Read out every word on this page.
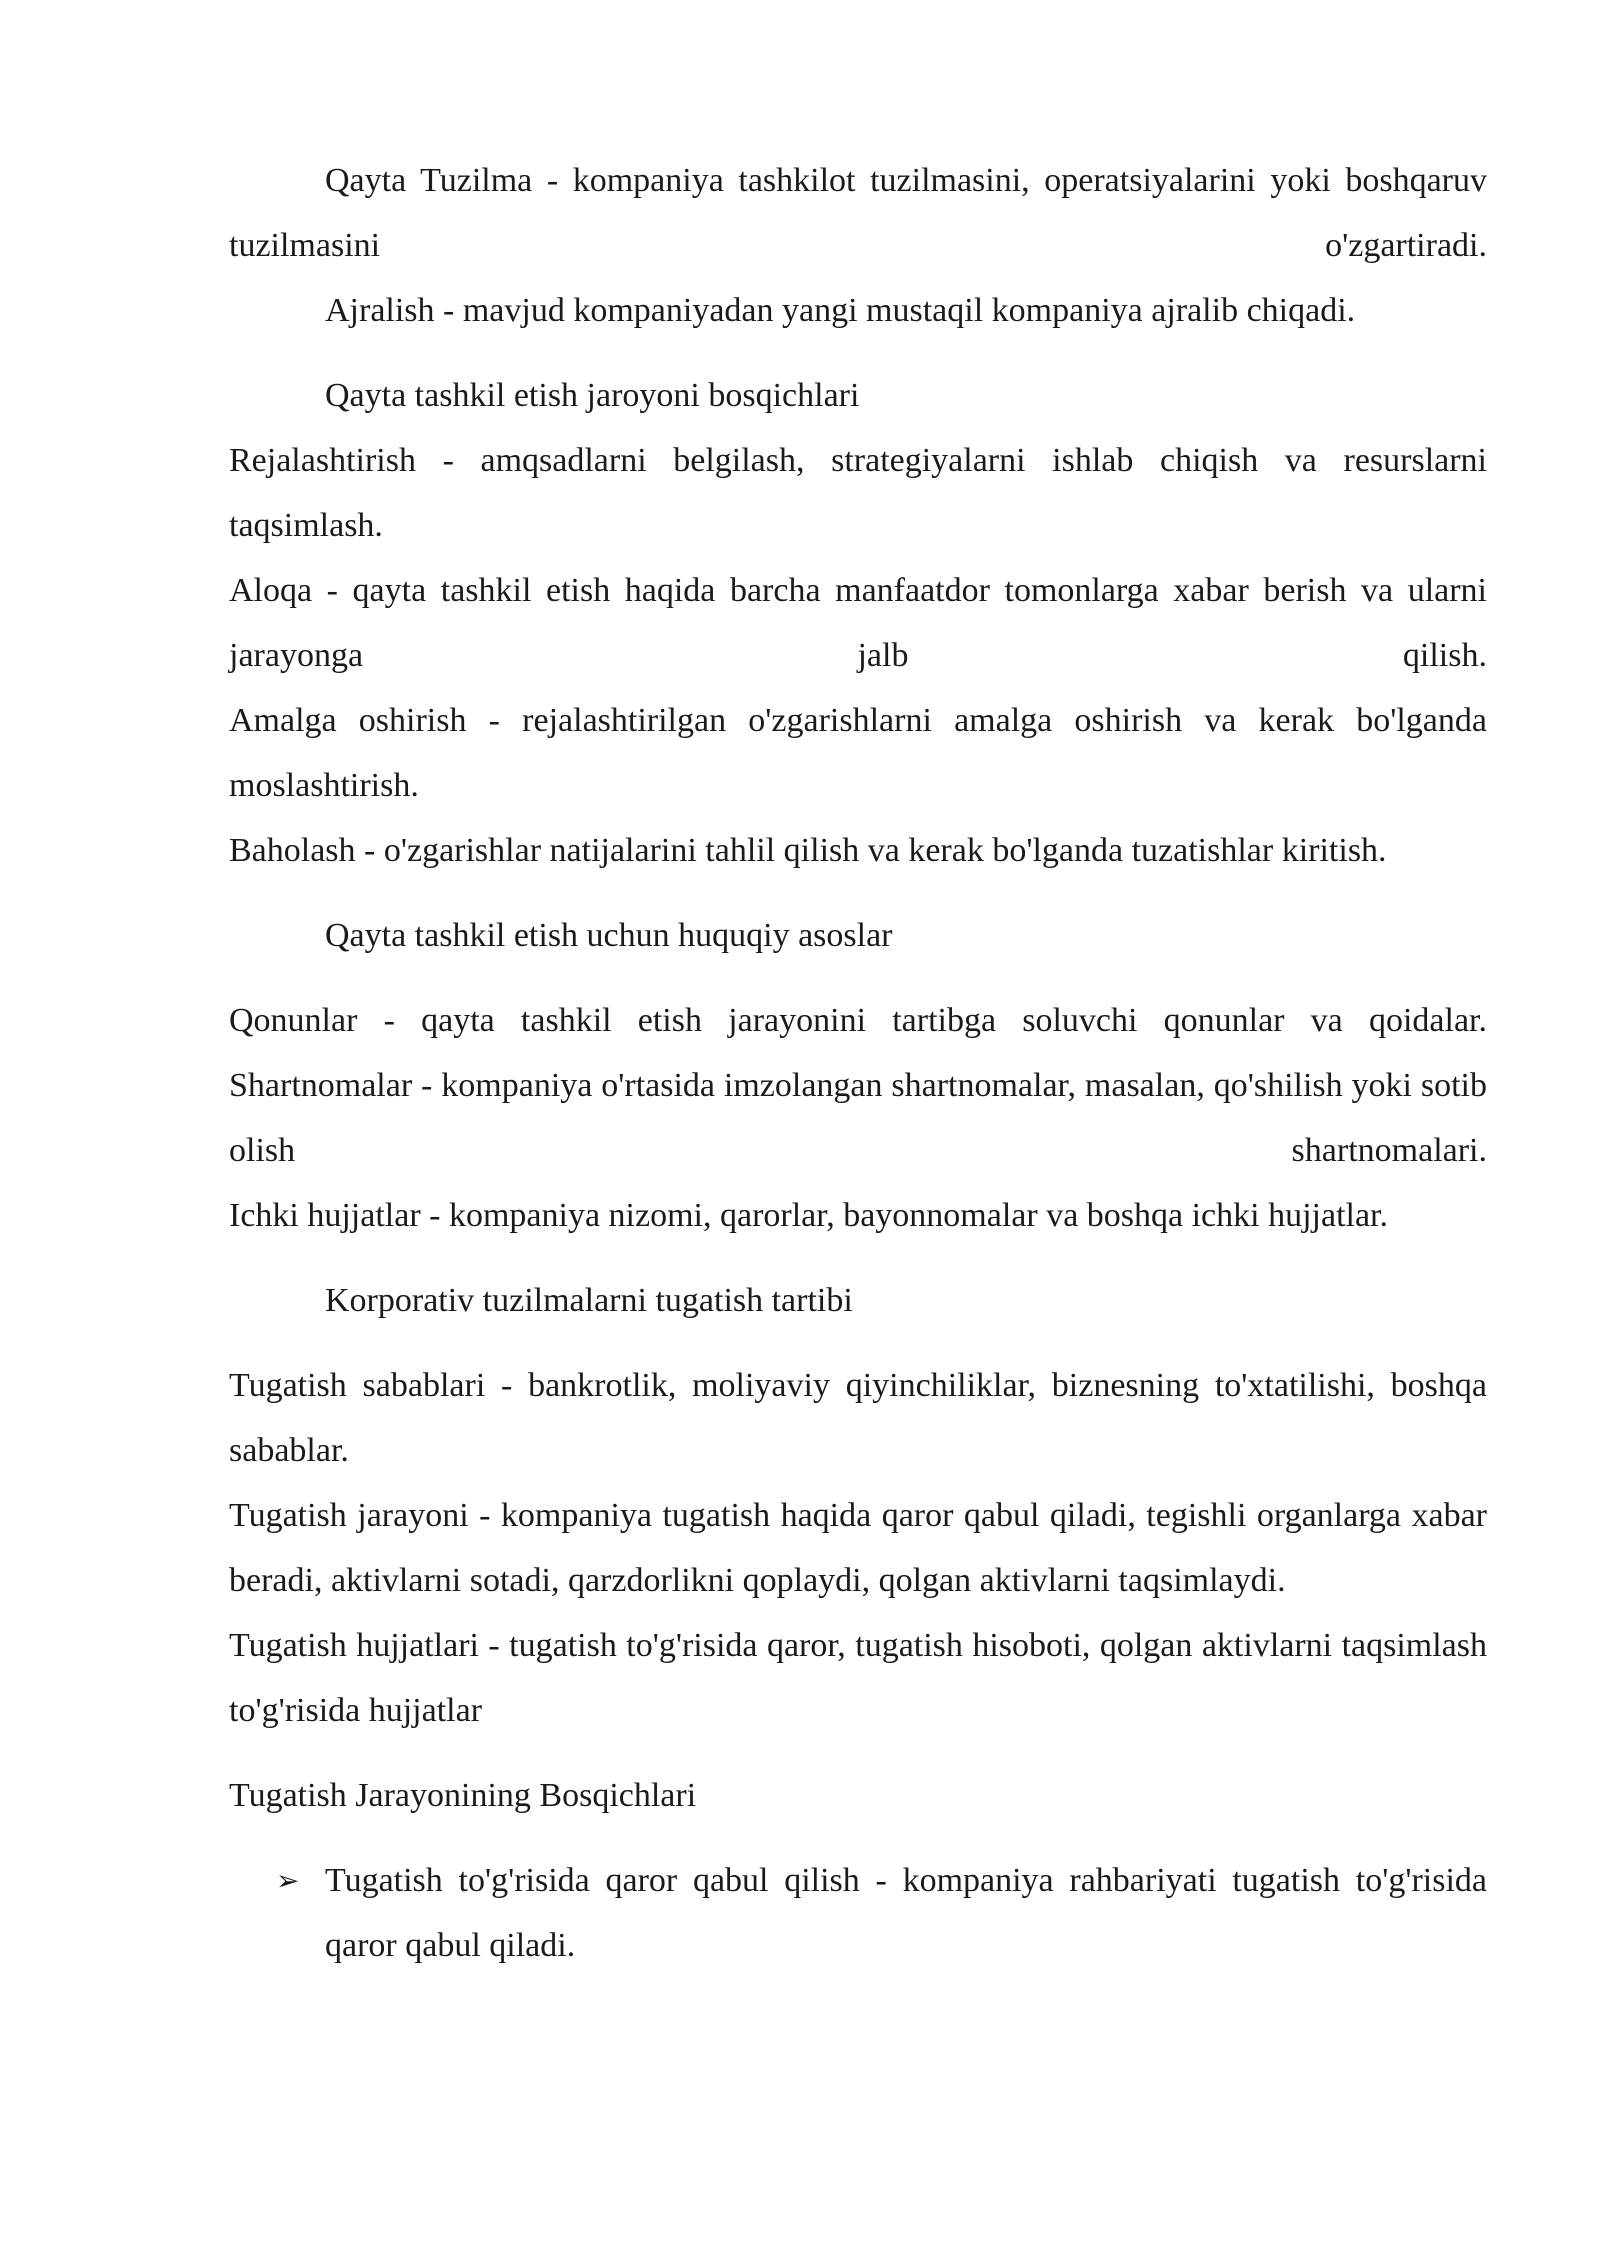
Qayta Tuzilma - kompaniya tashkilot tuzilmasini, operatsiyalarini yoki boshqaruv tuzilmasini o'zgartiradi.

Ajralish - mavjud kompaniyadan yangi mustaqil kompaniya ajralib chiqadi.

Qayta tashkil etish jaroyoni bosqichlari

Rejalashtirish - amqsadlarni belgilash, strategiyalarni ishlab chiqish va resurslarni taqsimlash.

Aloqa - qayta tashkil etish haqida barcha manfaatdor tomonlarga xabar berish va ularni jarayonga jalb qilish.

Amalga oshirish - rejalashtirilgan o'zgarishlarni amalga oshirish va kerak bo'lganda moslashtirish.

Baholash - o'zgarishlar natijalarini tahlil qilish va kerak bo'lganda tuzatishlar kiritish.

Qayta tashkil etish uchun huquqiy asoslar

Qonunlar - qayta tashkil etish jarayonini tartibga soluvchi qonunlar va qoidalar.

Shartnomalar - kompaniya o'rtasida imzolangan shartnomalar, masalan, qo'shilish yoki sotib olish shartnomalari.

Ichki hujjatlar - kompaniya nizomi, qarorlar, bayonnomalar va boshqa ichki hujjatlar.

Korporativ tuzilmalarni tugatish tartibi

Tugatish sabablari - bankrotlik, moliyaviy qiyinchiliklar, biznesning to'xtatilishi, boshqa sabablar.

Tugatish jarayoni - kompaniya tugatish haqida qaror qabul qiladi, tegishli organlarga xabar beradi, aktivlarni sotadi, qarzdorlikni qoplaydi, qolgan aktivlarni taqsimlaydi.

Tugatish hujjatlari - tugatish to'g'risida qaror, tugatish hisoboti, qolgan aktivlarni taqsimlash to'g'risida hujjatlar

Tugatish Jarayonining Bosqichlari

➢ Tugatish to'g'risida qaror qabul qilish - kompaniya rahbariyati tugatish to'g'risida qaror qabul qiladi.
